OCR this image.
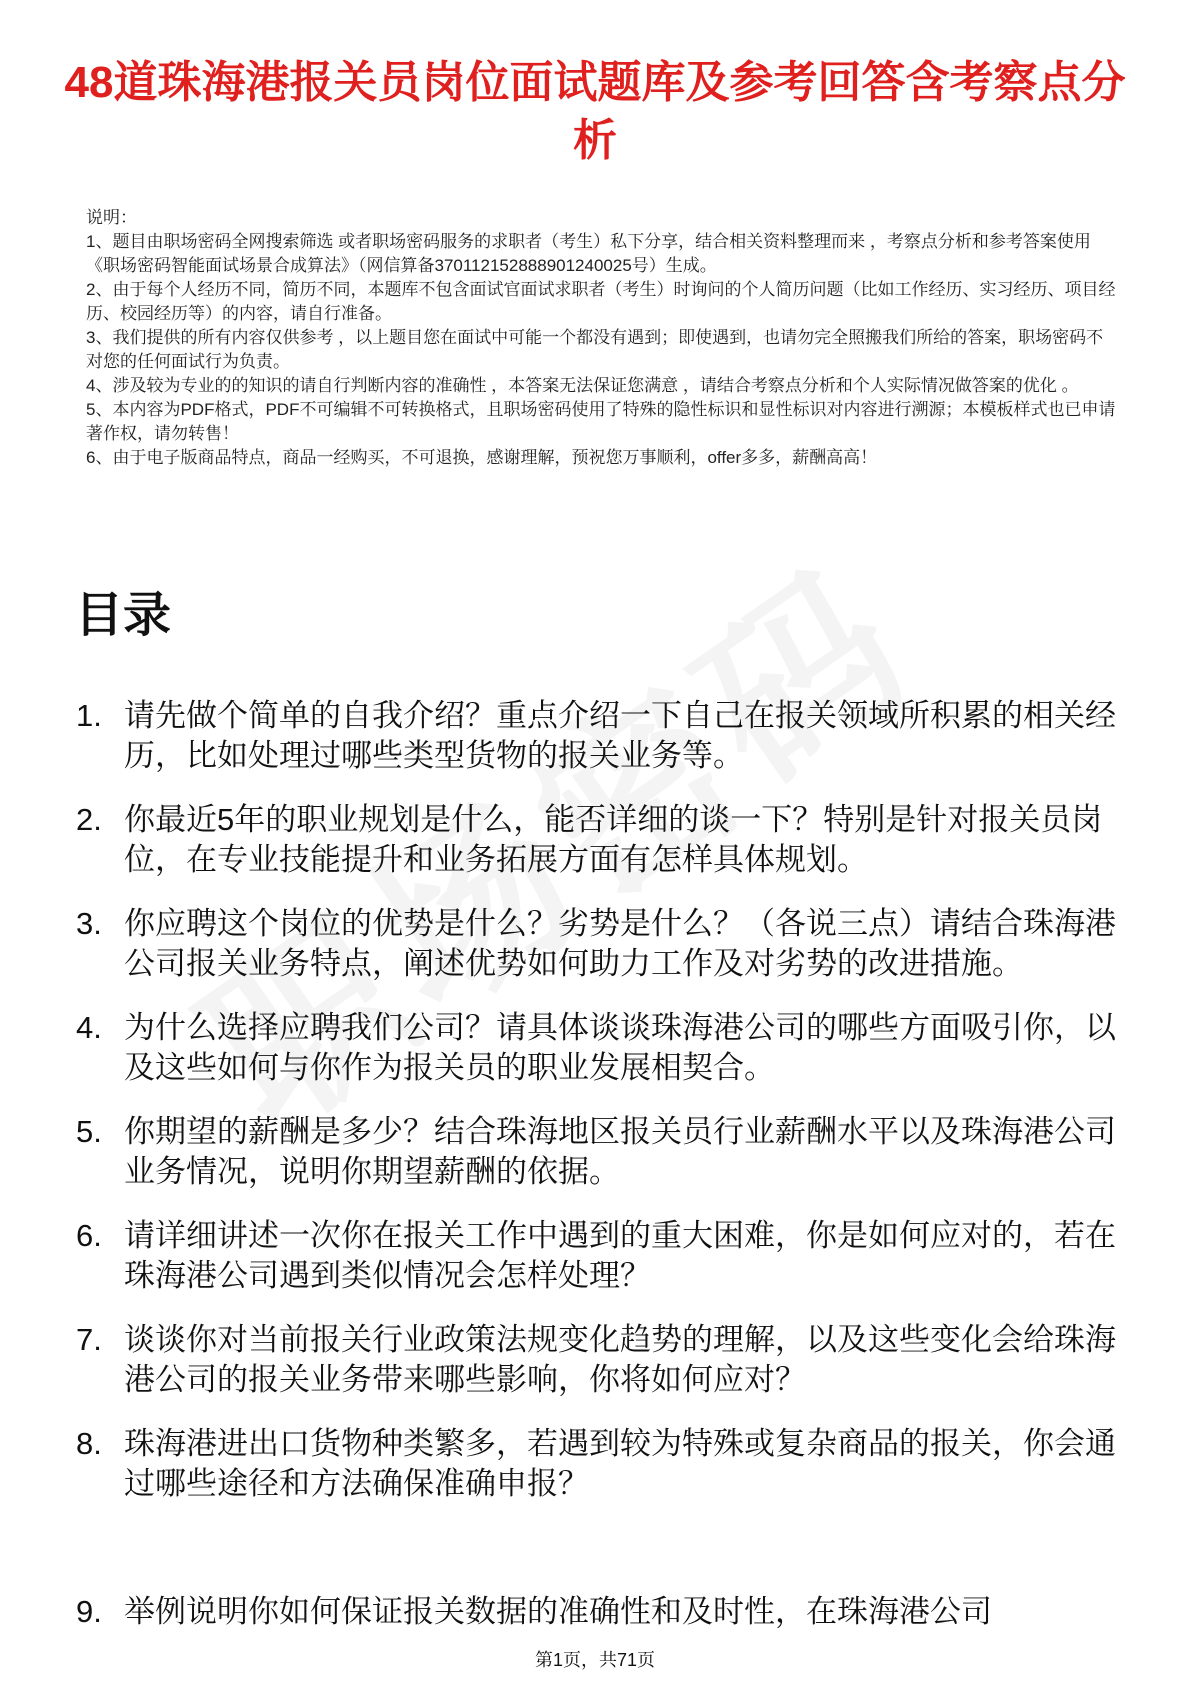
48道珠海港报关员岗位面试题库及参考回答含考察点分析
说明：
1、题目由职场密码全网搜索筛选 或者职场密码服务的求职者（考生）私下分享，结合相关资料整理而来 ，考察点分析和参考答案使用《职场密码智能面试场景合成算法》（网信算备370112152888901240025号）生成。
2、由于每个人经历不同，简历不同，本题库不包含面试官面试求职者（考生）时询问的个人简历问题（比如工作经历、实习经历、项目经历、校园经历等）的内容，请自行准备。
3、我们提供的所有内容仅供参考 ，以上题目您在面试中可能一个都没有遇到；即使遇到，也请勿完全照搬我们所给的答案，职场密码不对您的任何面试行为负责。
4、涉及较为专业的的知识的请自行判断内容的准确性 ，本答案无法保证您满意 ，请结合考察点分析和个人实际情况做答案的优化 。
5、本内容为PDF格式，PDF不可编辑不可转换格式，且职场密码使用了特殊的隐性标识和显性标识对内容进行溯源；本模板样式也已申请著作权，请勿转售！
6、由于电子版商品特点，商品一经购买，不可退换，感谢理解，预祝您万事顺利，offer多多，薪酬高高！
目录
1. 请先做个简单的自我介绍？重点介绍一下自己在报关领域所积累的相关经历，比如处理过哪些类型货物的报关业务等。
2. 你最近5年的职业规划是什么，能否详细的谈一下？特别是针对报关员岗位，在专业技能提升和业务拓展方面有怎样具体规划。
3. 你应聘这个岗位的优势是什么？劣势是什么？（各说三点）请结合珠海港公司报关业务特点，阐述优势如何助力工作及对劣势的改进措施。
4. 为什么选择应聘我们公司？请具体谈谈珠海港公司的哪些方面吸引你，以及这些如何与你作为报关员的职业发展相契合。
5. 你期望的薪酬是多少？结合珠海地区报关员行业薪酬水平以及珠海港公司业务情况，说明你期望薪酬的依据。
6. 请详细讲述一次你在报关工作中遇到的重大困难，你是如何应对的，若在珠海港公司遇到类似情况会怎样处理？
7. 谈谈你对当前报关行业政策法规变化趋势的理解，以及这些变化会给珠海港公司的报关业务带来哪些影响，你将如何应对？
8. 珠海港进出口货物种类繁多，若遇到较为特殊或复杂商品的报关，你会通过哪些途径和方法确保准确申报？
9. 举例说明你如何保证报关数据的准确性和及时性，在珠海港公司
第1页，共71页
